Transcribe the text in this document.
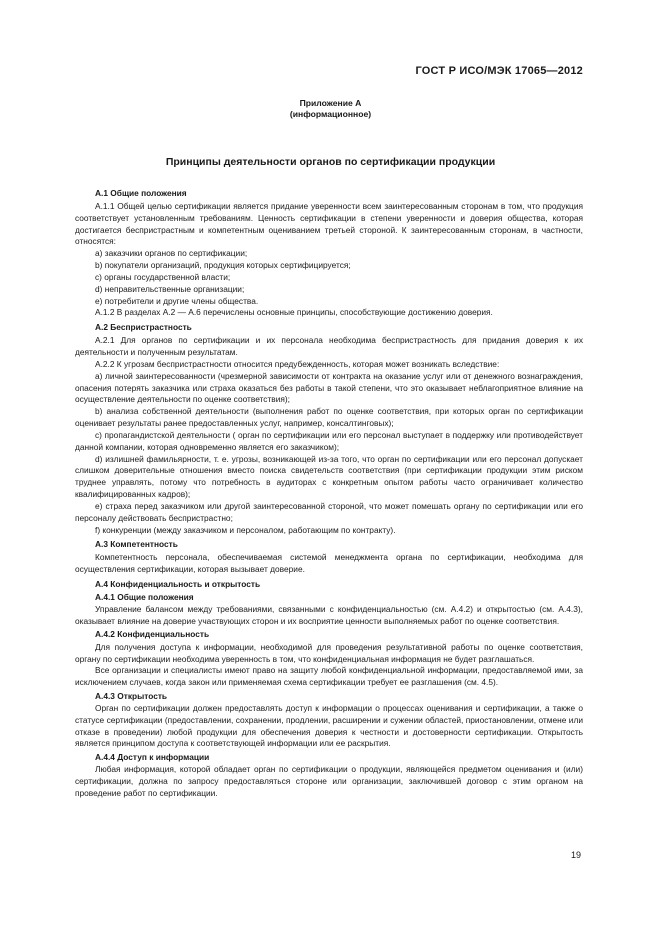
ГОСТ Р ИСО/МЭК 17065—2012
Приложение А
(информационное)
Принципы деятельности органов по сертификации продукции

А.1 Общие положения

А.1.1 Общей целью сертификации является придание уверенности всем заинтересованным сторонам в том, что продукция соответствует установленным требованиям. Ценность сертификации в степени уверенности и доверия общества, которая достигается беспристрастным и компетентным оцениванием третьей стороной. К заинтересованным сторонам, в частности, относятся:

a) заказчики органов по сертификации;

b) покупатели организаций, продукция которых сертифицируется;

c) органы государственной власти;

d) неправительственные организации;

e) потребители и другие члены общества.

А.1.2 В разделах А.2 — А.6 перечислены основные принципы, способствующие достижению доверия.

А.2 Беспристрастность

А.2.1 Для органов по сертификации и их персонала необходима беспристрастность для придания доверия к их деятельности и полученным результатам.

А.2.2 К угрозам беспристрастности относится предубежденность, которая может возникать вследствие:

a) личной заинтересованности (чрезмерной зависимости от контракта на оказание услуг или от денежного вознаграждения, опасения потерять заказчика или страха оказаться без работы в такой степени, что это оказывает неблагоприятное влияние на осуществление деятельности по оценке соответствия);

b) анализа собственной деятельности (выполнения работ по оценке соответствия, при которых орган по сертификации оценивает результаты ранее предоставленных услуг, например, консалтинговых);

c) пропагандистской деятельности ( орган по сертификации или его персонал выступает в поддержку или противодействует данной компании, которая одновременно является его заказчиком);

d) излишней фамильярности, т. е. угрозы, возникающей из-за того, что орган по сертификации или его персонал допускает слишком доверительные отношения вместо поиска свидетельств соответствия (при сертификации продукции этим риском труднее управлять, потому что потребность в аудиторах с конкретным опытом работы часто ограничивает количество квалифицированных кадров);

e) страха перед заказчиком или другой заинтересованной стороной, что может помешать органу по сертификации или его персоналу действовать беспристрастно;

f) конкуренции (между заказчиком и персоналом, работающим по контракту).

А.3 Компетентность

Компетентность персонала, обеспечиваемая системой менеджмента органа по сертификации, необходима для осуществления сертификации, которая вызывает доверие.

А.4 Конфиденциальность и открытость

А.4.1 Общие положения

Управление балансом между требованиями, связанными с конфиденциальностью (см. А.4.2) и открытостью (см. А.4.3), оказывает влияние на доверие участвующих сторон и их восприятие ценности выполняемых работ по оценке соответствия.

А.4.2 Конфиденциальность

Для получения доступа к информации, необходимой для проведения результативной работы по оценке соответствия, органу по сертификации необходима уверенность в том, что конфиденциальная информация не будет разглашаться.

Все организации и специалисты имеют право на защиту любой конфиденциальной информации, предоставляемой ими, за исключением случаев, когда закон или применяемая схема сертификации требует ее разглашения (см. 4.5).

А.4.3 Открытость

Орган по сертификации должен предоставлять доступ к информации о процессах оценивания и сертификации, а также о статусе сертификации (предоставлении, сохранении, продлении, расширении и сужении областей, приостановлении, отмене или отказе в проведении) любой продукции для обеспечения доверия к честности и достоверности сертификации. Открытость является принципом доступа к соответствующей информации или ее раскрытия.

А.4.4 Доступ к информации

Любая информация, которой обладает орган по сертификации о продукции, являющейся предметом оценивания и (или) сертификации, должна по запросу предоставляться стороне или организации, заключившей договор с этим органом на проведение работ по сертификации.

19
